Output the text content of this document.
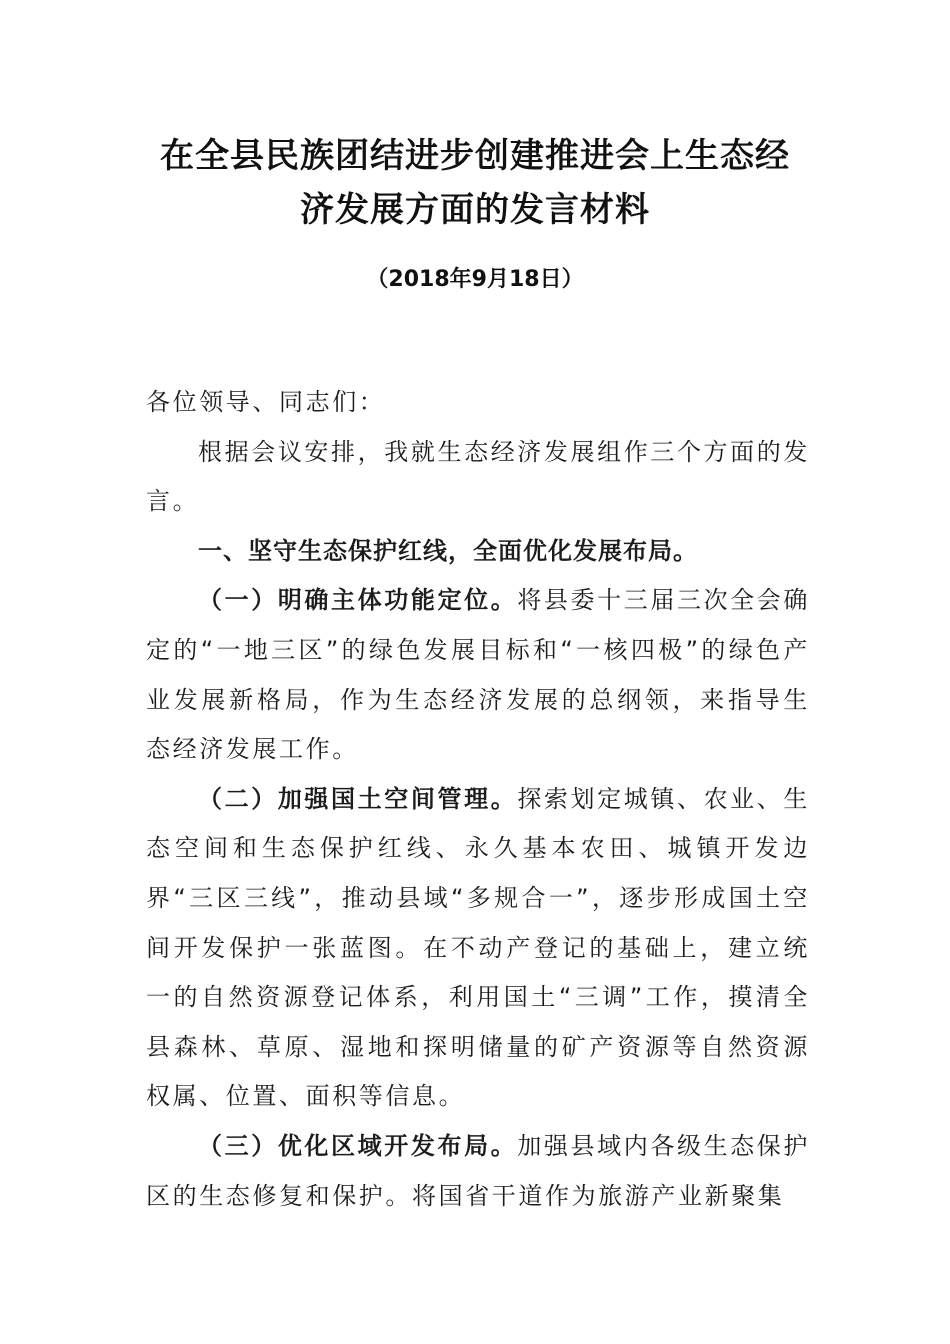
在全县民族团结进步创建推进会上生态经
济发展方面的发言材料
（2018年9月18日）

各位领导、同志们：

根据会议安排，我就生态经济发展组作三个方面的发言。

一、坚守生态保护红线，全面优化发展布局。

（一）明确主体功能定位。将县委十三届三次全会确定的“一地三区”的绿色发展目标和“一核四极”的绿色产业发展新格局，作为生态经济发展的总纲领，来指导生态经济发展工作。

（二）加强国土空间管理。探索划定城镇、农业、生态空间和生态保护红线、永久基本农田、城镇开发边界“三区三线”，推动县域“多规合一”，逐步形成国土空间开发保护一张蓝图。在不动产登记的基础上，建立统一的自然资源登记体系，利用国土“三调”工作，摸清全县森林、草原、湿地和探明储量的矿产资源等自然资源权属、位置、面积等信息。

（三）优化区域开发布局。加强县域内各级生态保护区的生态修复和保护。将国省干道作为旅游产业新聚集
